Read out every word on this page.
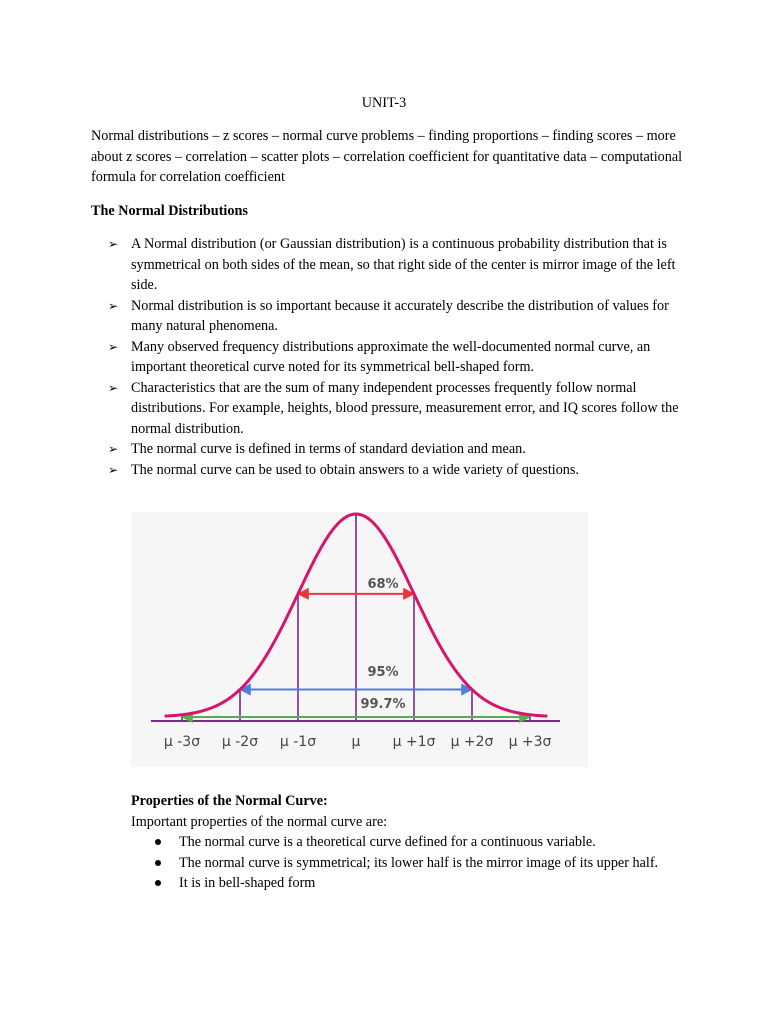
UNIT-3
Normal distributions – z scores – normal curve problems – finding proportions – finding scores – more about z scores – correlation – scatter plots – correlation coefficient for quantitative data – computational formula for correlation coefficient
The Normal Distributions
➢ A Normal distribution (or Gaussian distribution) is a continuous probability distribution that is symmetrical on both sides of the mean, so that right side of the center is mirror image of the left side.
➢ Normal distribution is so important because it accurately describe the distribution of values for many natural phenomena.
➢ Many observed frequency distributions approximate the well-documented normal curve, an important theoretical curve noted for its symmetrical bell-shaped form.
➢ Characteristics that are the sum of many independent processes frequently follow normal distributions. For example, heights, blood pressure, measurement error, and IQ scores follow the normal distribution.
➢ The normal curve is defined in terms of standard deviation and mean.
➢ The normal curve can be used to obtain answers to a wide variety of questions.
68%
95%
99.7%
μ -3σ μ -2σ μ -1σ	μ μ +1σ μ +2σ μ +3σ
Properties of the Normal Curve:
Important properties of the normal curve are:
The normal curve is a theoretical curve defined for a continuous variable.
The normal curve is symmetrical; its lower half is the mirror image of its upper half.
It is in bell-shaped form
